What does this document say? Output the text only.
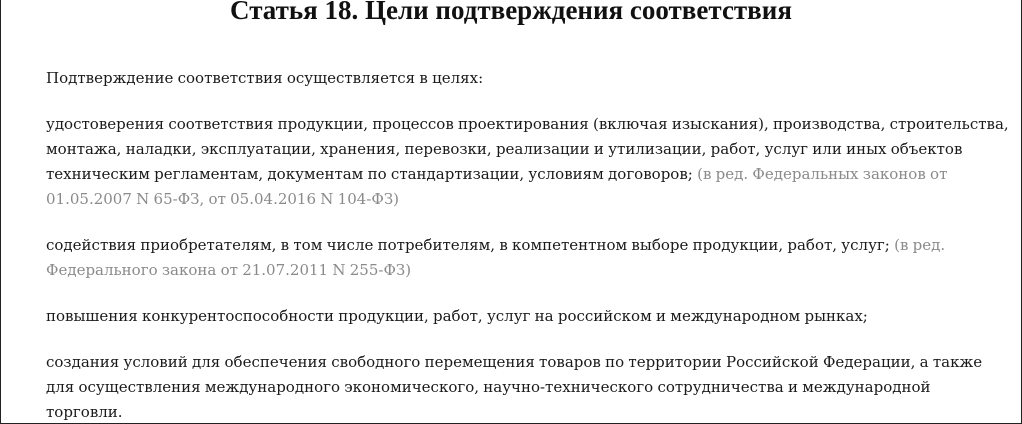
Статья 18. Цели подтверждения соответствия

Подтверждение соответствия осуществляется в целях:

удостоверения соответствия продукции, процессов проектирования (включая изыскания), производства, строительства, монтажа, наладки, эксплуатации, хранения, перевозки, реализации и утилизации, работ, услуг или иных объектов техническим регламентам, документам по стандартизации, условиям договоров; (в ред. Федеральных законов от 01.05.2007 N 65-ФЗ, от 05.04.2016 N 104-ФЗ)

содействия приобретателям, в том числе потребителям, в компетентном выборе продукции, работ, услуг; (в ред. Федерального закона от 21.07.2011 N 255-ФЗ)

повышения конкурентоспособности продукции, работ, услуг на российском и международном рынках;

создания условий для обеспечения свободного перемещения товаров по территории Российской Федерации, а также для осуществления международного экономического, научно-технического сотрудничества и международной торговли.
